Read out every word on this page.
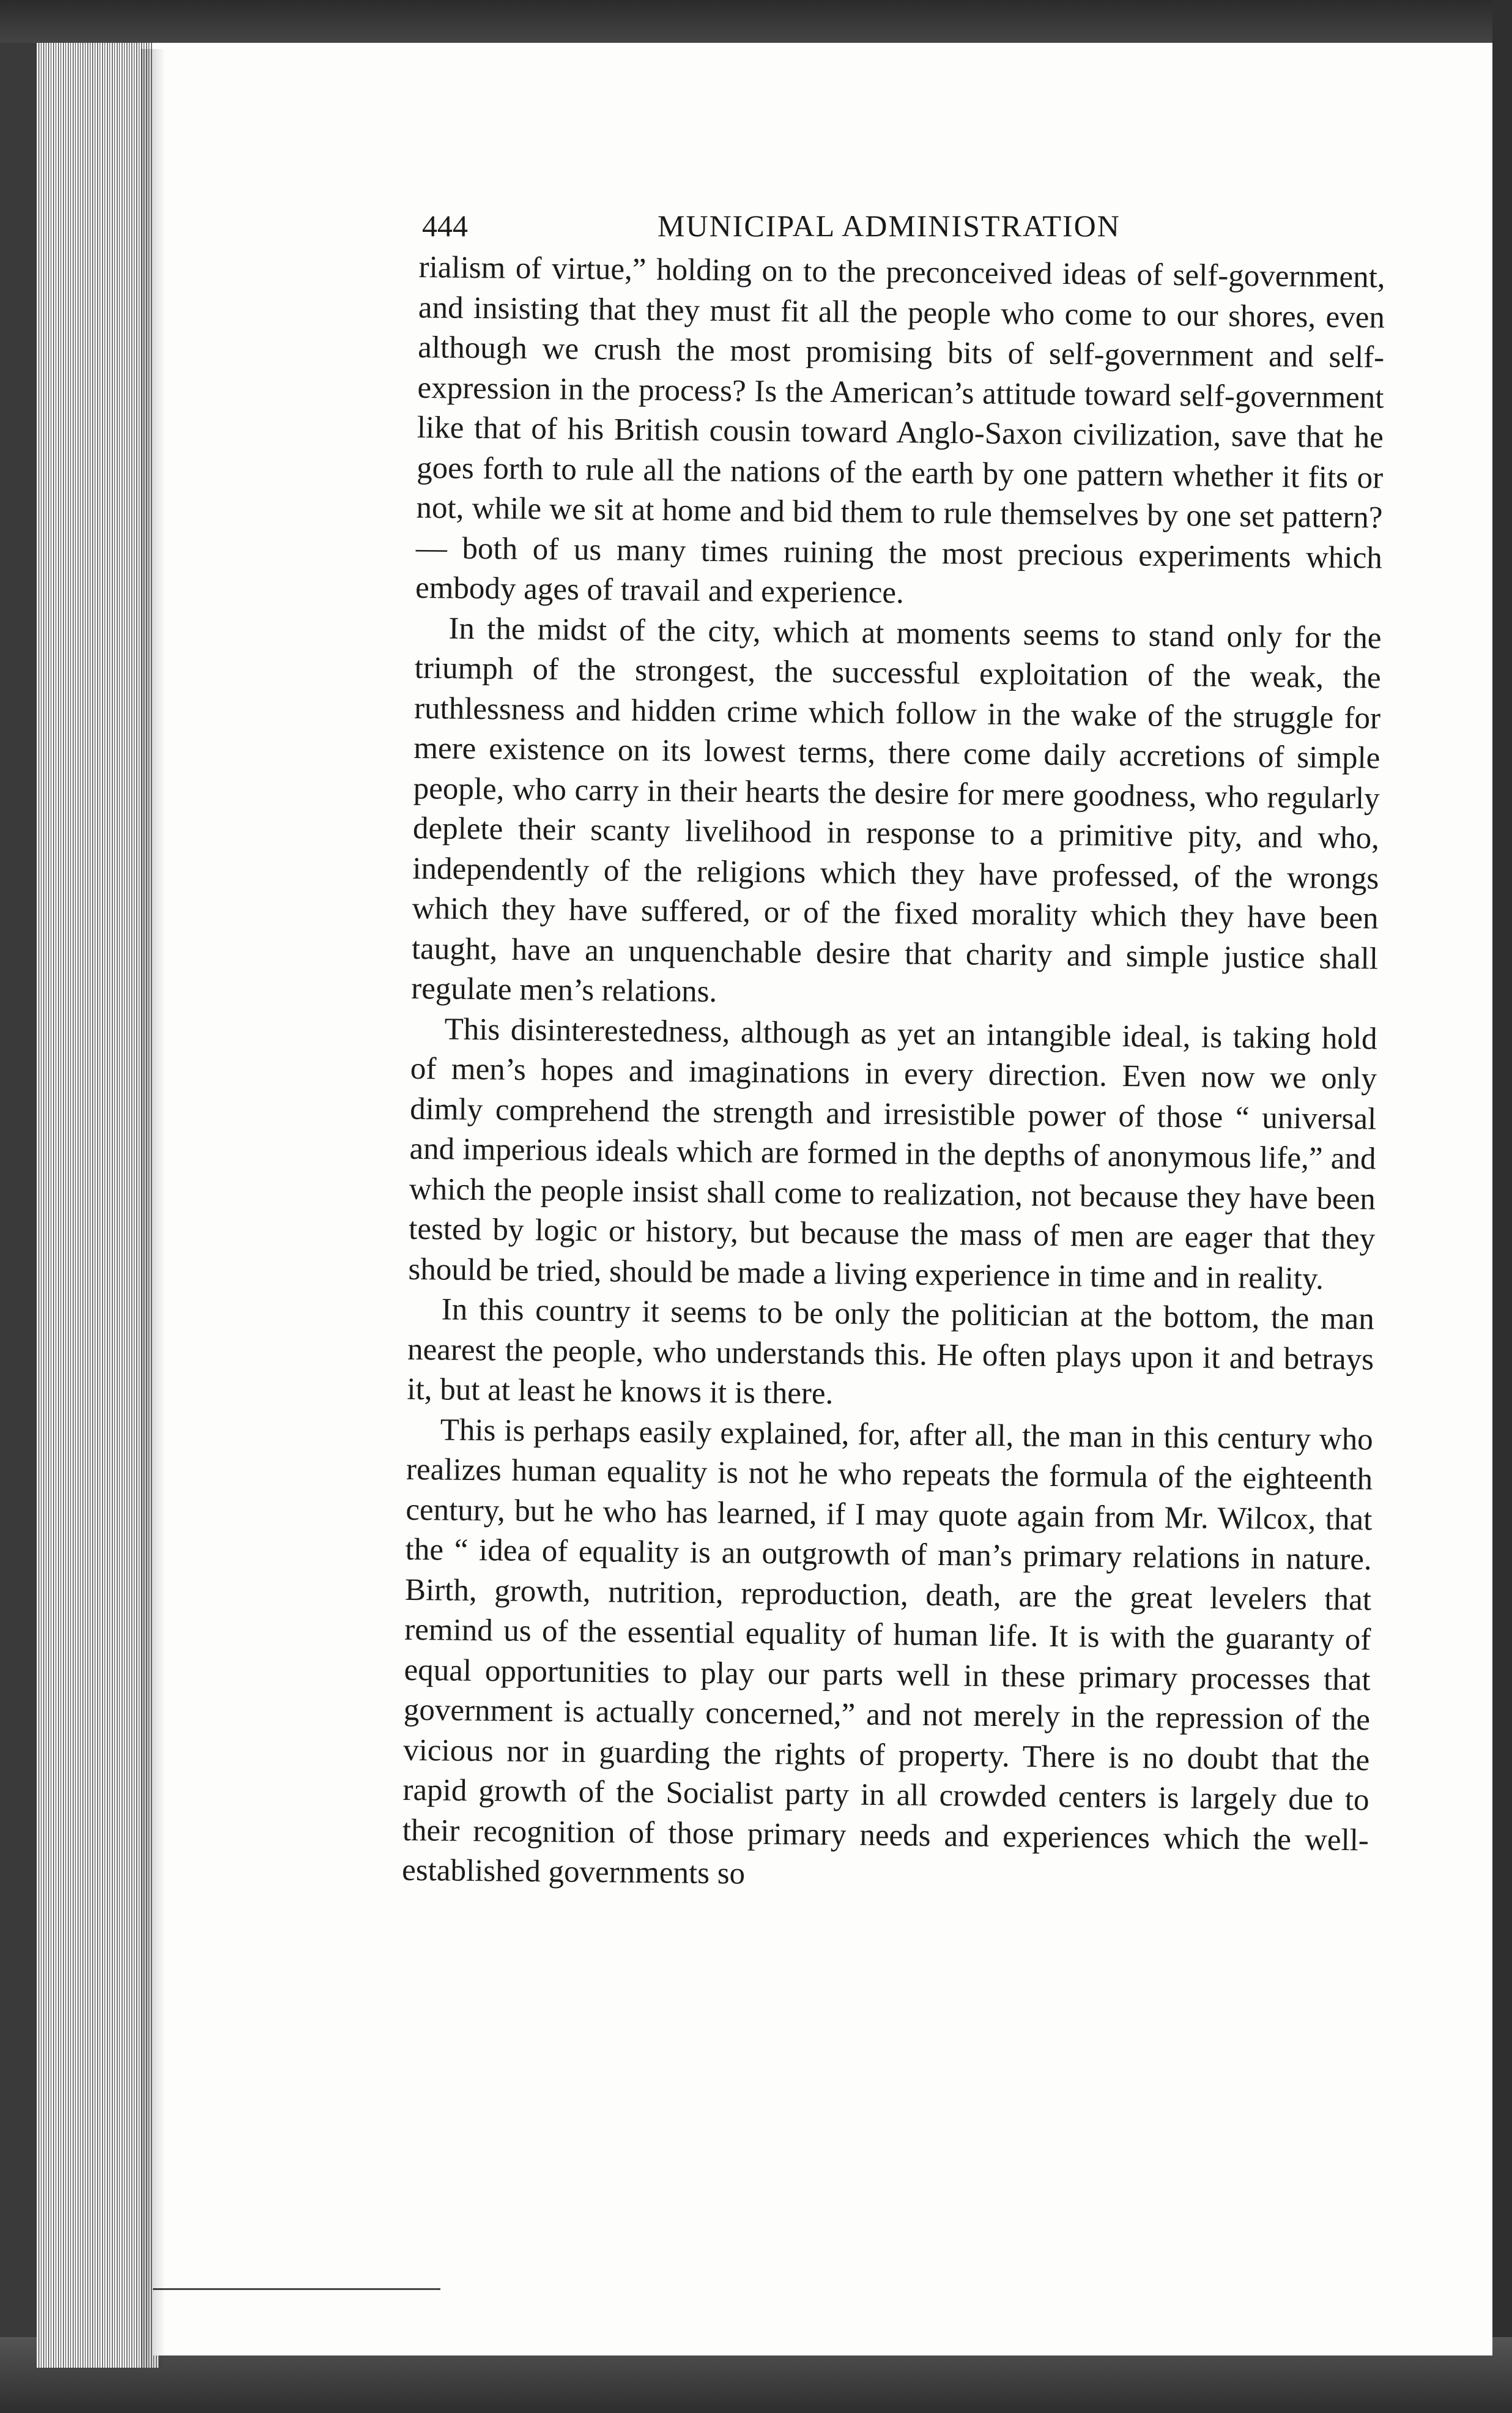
444	MUNICIPAL ADMINISTRATION

rialism of virtue,” holding on to the preconceived ideas of self-government, and insisting that they must fit all the people who come to our shores, even although we crush the most promising bits of self-government and self-expression in the process? Is the American’s attitude toward self-government like that of his British cousin toward Anglo-Saxon civilization, save that he goes forth to rule all the nations of the earth by one pattern whether it fits or not, while we sit at home and bid them to rule themselves by one set pattern? — both of us many times ruining the most precious experiments which embody ages of travail and experience.

In the midst of the city, which at moments seems to stand only for the triumph of the strongest, the successful exploitation of the weak, the ruthlessness and hidden crime which follow in the wake of the struggle for mere existence on its lowest terms, there come daily accretions of simple people, who carry in their hearts the desire for mere goodness, who regularly deplete their scanty livelihood in response to a primitive pity, and who, independently of the religions which they have professed, of the wrongs which they have suffered, or of the fixed morality which they have been taught, have an unquenchable desire that charity and simple justice shall regulate men’s relations.

This disinterestedness, although as yet an intangible ideal, is taking hold of men’s hopes and imaginations in every direction. Even now we only dimly comprehend the strength and irresistible power of those “ universal and imperious ideals which are formed in the depths of anonymous life,” and which the people insist shall come to realization, not because they have been tested by logic or history, but because the mass of men are eager that they should be tried, should be made a living experience in time and in reality.

In this country it seems to be only the politician at the bottom, the man nearest the people, who understands this. He often plays upon it and betrays it, but at least he knows it is there.

This is perhaps easily explained, for, after all, the man in this century who realizes human equality is not he who repeats the formula of the eighteenth century, but he who has learned, if I may quote again from Mr. Wilcox, that the “ idea of equality is an outgrowth of man’s primary relations in nature. Birth, growth, nutrition, reproduction, death, are the great levelers that remind us of the essential equality of human life. It is with the guaranty of equal opportunities to play our parts well in these primary processes that government is actually concerned,” and not merely in the repression of the vicious nor in guarding the rights of property. There is no doubt that the rapid growth of the Socialist party in all crowded centers is largely due to their recognition of those primary needs and experiences which the well-established governments so
